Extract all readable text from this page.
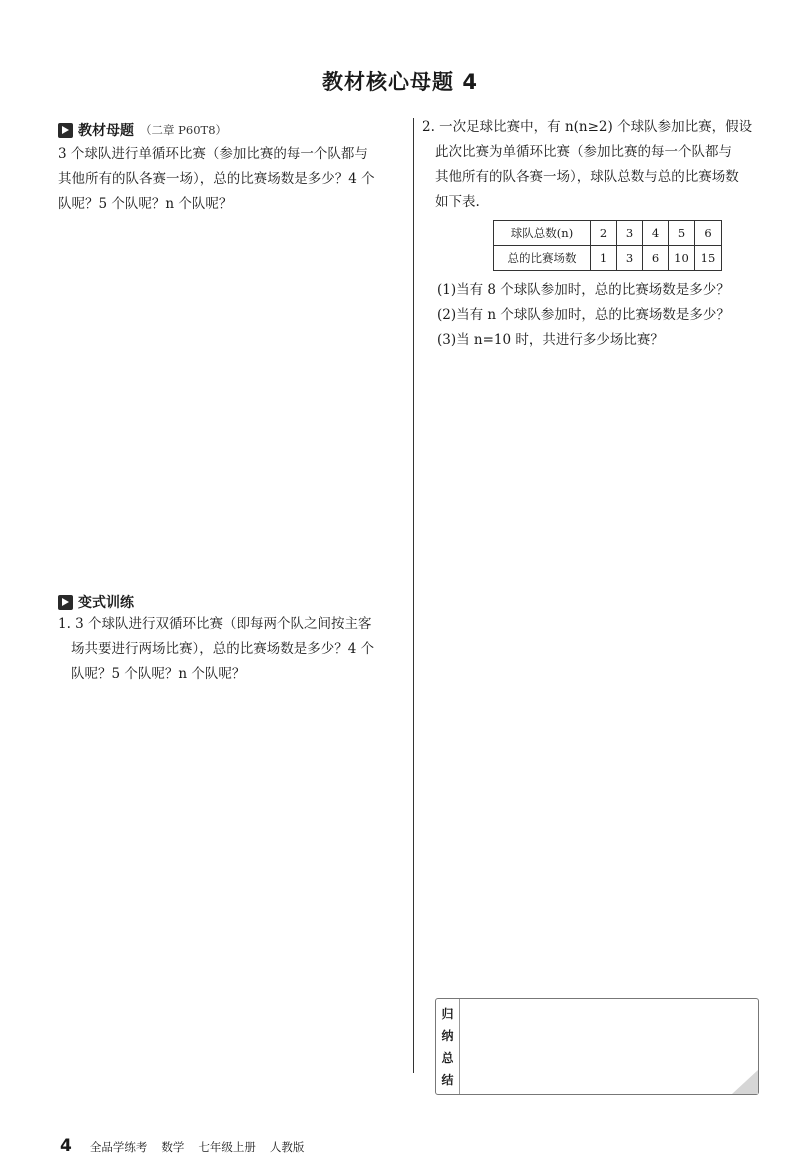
教材核心母题 4
教材母题 （二章 P60T8）
3 个球队进行单循环比赛（参加比赛的每一个队都与
其他所有的队各赛一场），总的比赛场数是多少？4 个
队呢？5 个队呢？n 个队呢？
变式训练
1. 3 个球队进行双循环比赛（即每两个队之间按主客
场共要进行两场比赛），总的比赛场数是多少？4 个
队呢？5 个队呢？n 个队呢？
2. 一次足球比赛中，有 n(n≥2) 个球队参加比赛，假设
此次比赛为单循环比赛（参加比赛的每一个队都与
其他所有的队各赛一场），球队总数与总的比赛场数
如下表.
球队总数(n)	2	3	4	5	6
总的比赛场数	1	3	6	10	15
(1)当有 8 个球队参加时，总的比赛场数是多少？
(2)当有 n 个球队参加时，总的比赛场数是多少？
(3)当 n=10 时，共进行多少场比赛？
归
纳
总
结
4 全品学练考 数学 七年级上册 人教版
